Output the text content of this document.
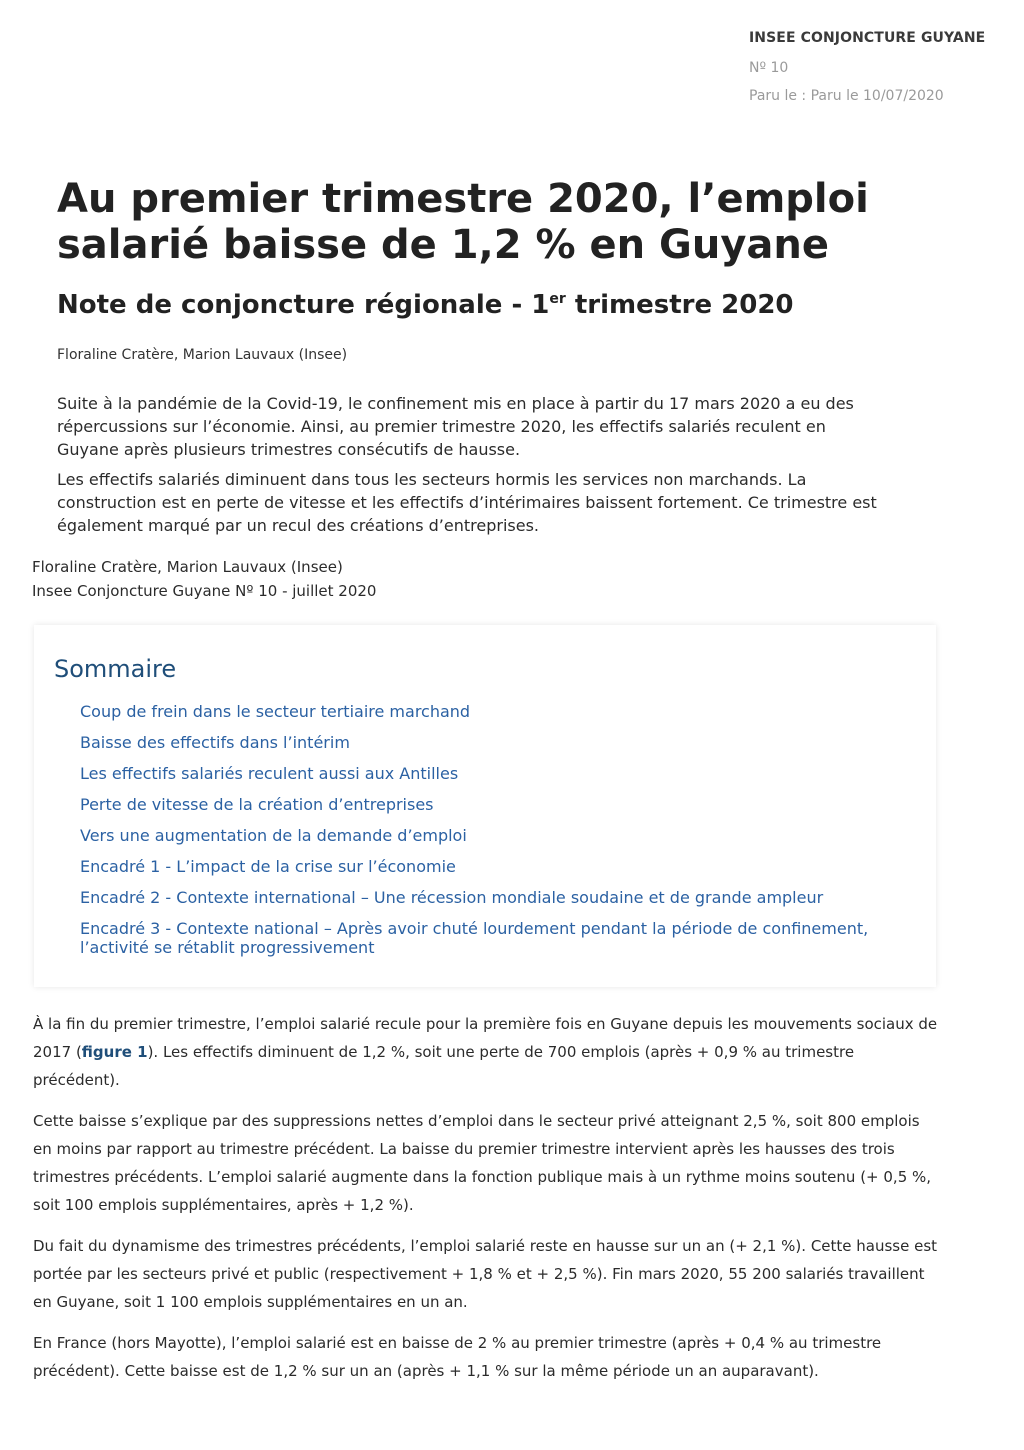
INSEE CONJONCTURE GUYANE
Nº 10
Paru le : Paru le 10/07/2020
Au premier trimestre 2020, l’emploi salarié baisse de 1,2 % en Guyane
Note de conjoncture régionale - 1er trimestre 2020
Floraline Cratère, Marion Lauvaux (Insee)

Suite à la pandémie de la Covid-19, le confinement mis en place à partir du 17 mars 2020 a eu des répercussions sur l’économie. Ainsi, au premier trimestre 2020, les effectifs salariés reculent en Guyane après plusieurs trimestres consécutifs de hausse.

Les effectifs salariés diminuent dans tous les secteurs hormis les services non marchands. La construction est en perte de vitesse et les effectifs d’intérimaires baissent fortement. Ce trimestre est également marqué par un recul des créations d’entreprises.

Floraline Cratère, Marion Lauvaux (Insee)
Insee Conjoncture Guyane Nº 10 - juillet 2020
Sommaire
Coup de frein dans le secteur tertiaire marchand
Baisse des effectifs dans l’intérim
Les effectifs salariés reculent aussi aux Antilles
Perte de vitesse de la création d’entreprises
Vers une augmentation de la demande d’emploi
Encadré 1 - L’impact de la crise sur l’économie
Encadré 2 - Contexte international – Une récession mondiale soudaine et de grande ampleur
Encadré 3 - Contexte national – Après avoir chuté lourdement pendant la période de confinement, l’activité se rétablit progressivement

À la fin du premier trimestre, l’emploi salarié recule pour la première fois en Guyane depuis les mouvements sociaux de 2017 (figure 1). Les effectifs diminuent de 1,2 %, soit une perte de 700 emplois (après + 0,9 % au trimestre précédent).

Cette baisse s’explique par des suppressions nettes d’emploi dans le secteur privé atteignant 2,5 %, soit 800 emplois en moins par rapport au trimestre précédent. La baisse du premier trimestre intervient après les hausses des trois trimestres précédents. L’emploi salarié augmente dans la fonction publique mais à un rythme moins soutenu (+ 0,5 %, soit 100 emplois supplémentaires, après + 1,2 %).

Du fait du dynamisme des trimestres précédents, l’emploi salarié reste en hausse sur un an (+ 2,1 %). Cette hausse est portée par les secteurs privé et public (respectivement + 1,8 % et + 2,5 %). Fin mars 2020, 55 200 salariés travaillent en Guyane, soit 1 100 emplois supplémentaires en un an.

En France (hors Mayotte), l’emploi salarié est en baisse de 2 % au premier trimestre (après + 0,4 % au trimestre précédent). Cette baisse est de 1,2 % sur un an (après + 1,1 % sur la même période un an auparavant).
